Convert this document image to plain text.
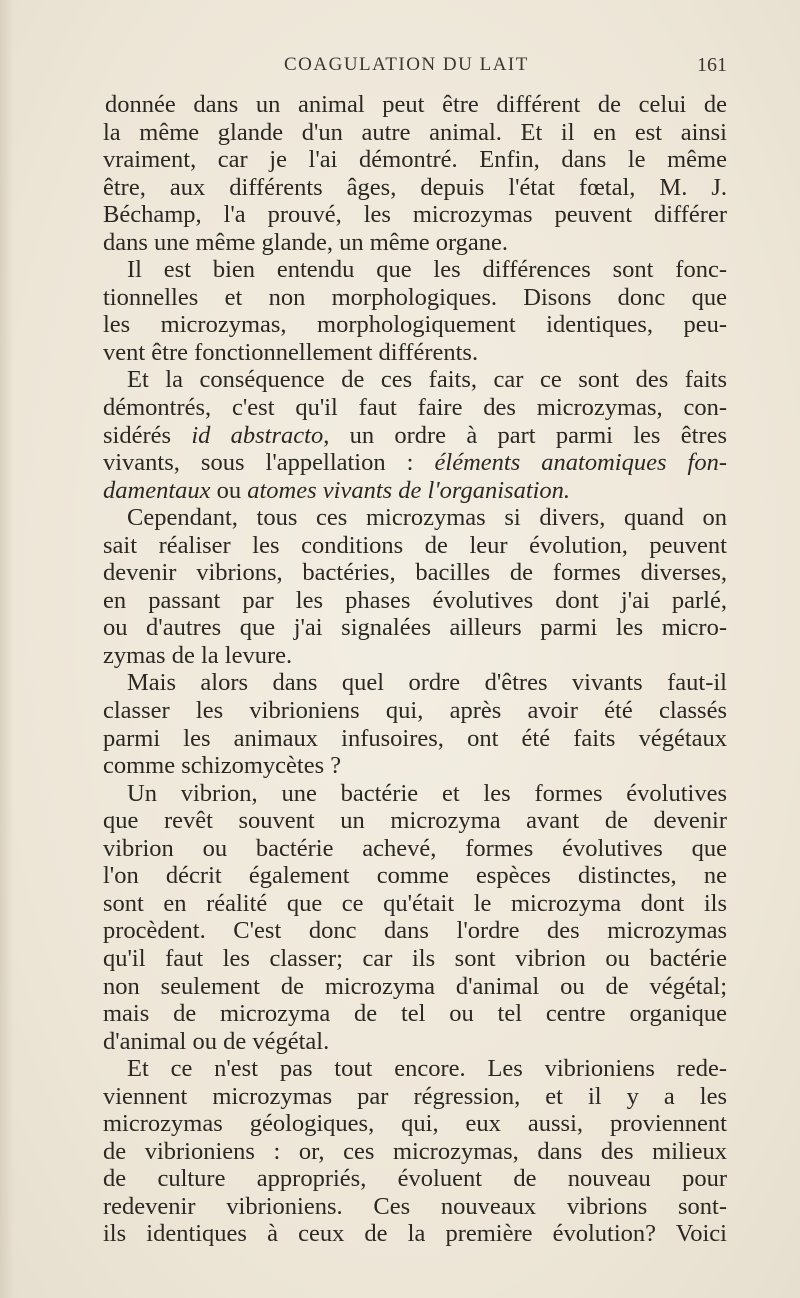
COAGULATION DU LAIT	161
donnée dans un animal peut être différent de celui de
la même glande d'un autre animal. Et il en est ainsi
vraiment, car je l'ai démontré. Enfin, dans le même
être, aux différents âges, depuis l'état fœtal, M. J.
Béchamp, l'a prouvé, les microzymas peuvent différer
dans une même glande, un même organe.
Il est bien entendu que les différences sont fonc-
tionnelles et non morphologiques. Disons donc que
les microzymas, morphologiquement identiques, peu-
vent être fonctionnellement différents.
Et la conséquence de ces faits, car ce sont des faits
démontrés, c'est qu'il faut faire des microzymas, con-
sidérés id abstracto, un ordre à part parmi les êtres
vivants, sous l'appellation : éléments anatomiques fon-
damentaux ou atomes vivants de l'organisation.
Cependant, tous ces microzymas si divers, quand on
sait réaliser les conditions de leur évolution, peuvent
devenir vibrions, bactéries, bacilles de formes diverses,
en passant par les phases évolutives dont j'ai parlé,
ou d'autres que j'ai signalées ailleurs parmi les micro-
zymas de la levure.
Mais alors dans quel ordre d'êtres vivants faut-il
classer les vibrioniens qui, après avoir été classés
parmi les animaux infusoires, ont été faits végétaux
comme schizomycètes ?
Un vibrion, une bactérie et les formes évolutives
que revêt souvent un microzyma avant de devenir
vibrion ou bactérie achevé, formes évolutives que
l'on décrit également comme espèces distinctes, ne
sont en réalité que ce qu'était le microzyma dont ils
procèdent. C'est donc dans l'ordre des microzymas
qu'il faut les classer; car ils sont vibrion ou bactérie
non seulement de microzyma d'animal ou de végétal;
mais de microzyma de tel ou tel centre organique
d'animal ou de végétal.
Et ce n'est pas tout encore. Les vibrioniens rede-
viennent microzymas par régression, et il y a les
microzymas géologiques, qui, eux aussi, proviennent
de vibrioniens : or, ces microzymas, dans des milieux
de culture appropriés, évoluent de nouveau pour
redevenir vibrioniens. Ces nouveaux vibrions sont-
ils identiques à ceux de la première évolution? Voici
